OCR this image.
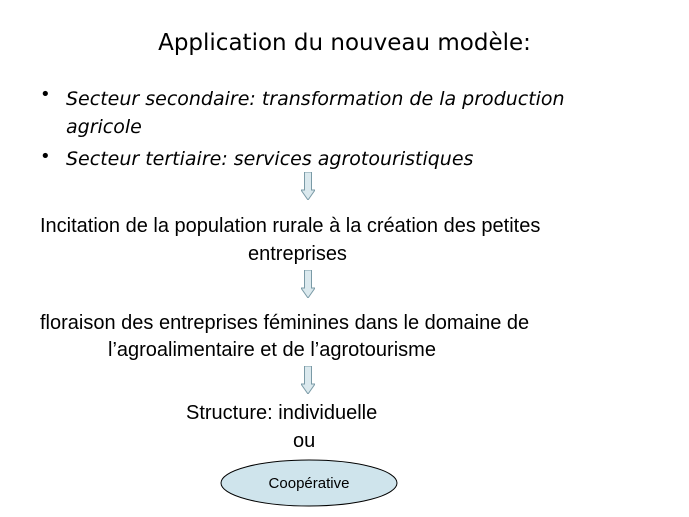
Application du nouveau modèle:
• Secteur secondaire: transformation de la production
agricole
• Secteur tertiaire: services agrotouristiques
Incitation de la population rurale à la création des petites
entreprises
floraison des entreprises féminines dans le domaine de
l’agroalimentaire et de l’agrotourisme
Structure: individuelle
ou
Coopérative
